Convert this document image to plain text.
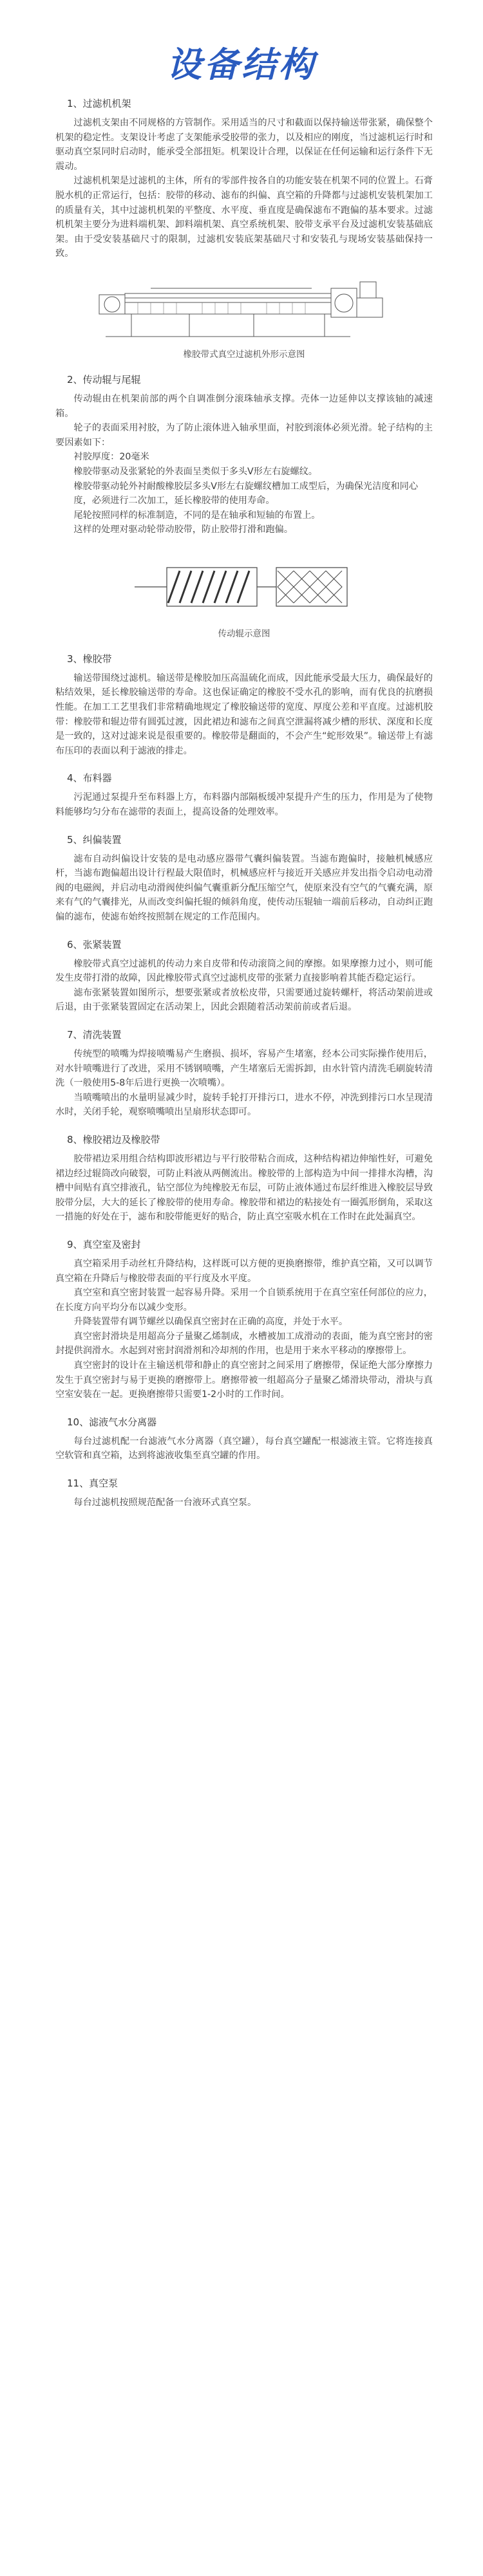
设备结构
1、过滤机机架

过滤机支架由不同规格的方管制作。采用适当的尺寸和截面以保持输送带张紧，确保整个机架的稳定性。支架设计考虑了支架能承受胶带的张力，以及相应的刚度，当过滤机运行时和驱动真空泵同时启动时，能承受全部扭矩。机架设计合理，以保证在任何运输和运行条件下无震动。

过滤机机架是过滤机的主体，所有的零部件按各自的功能安装在机架不同的位置上。石膏脱水机的正常运行，包括：胶带的移动、滤布的纠偏、真空箱的升降都与过滤机安装机架加工的质量有关，其中过滤机机架的平整度、水平度、垂直度是确保滤布不跑偏的基本要求。过滤机机架主要分为进料端机架、卸料端机架、真空系统机架、胶带支承平台及过滤机安装基础底架。由于受安装基础尺寸的限制，过滤机安装底架基础尺寸和安装孔与现场安装基础保持一致。

橡胶带式真空过滤机外形示意图
2、传动辊与尾辊

传动辊由在机架前部的两个自调准倒分滚珠轴承支撑。壳体一边延伸以支撑该轴的减速箱。

轮子的表面采用衬胶，为了防止滚体进入轴承里面，衬胶到滚体必须光滑。轮子结构的主要因素如下：

衬胶厚度：20毫米

橡胶带驱动及张紧轮的外表面呈类似于多头V形左右旋螺纹。

橡胶带驱动轮外衬耐酸橡胶层多头V形左右旋螺纹槽加工成型后，为确保光洁度和同心度，必须进行二次加工，延长橡胶带的使用寿命。

尾轮按照同样的标准制造，不同的是在轴承和短轴的布置上。

这样的处理对驱动轮带动胶带，防止胶带打滑和跑偏。

传动辊示意图
3、橡胶带

输送带围绕过滤机。输送带是橡胶加压高温硫化而成，因此能承受最大压力，确保最好的粘结效果，延长橡胶输送带的寿命。这也保证确定的橡胶不受水孔的影响，而有优良的抗磨损性能。在加工工艺里我们非常精确地规定了橡胶输送带的宽度、厚度公差和平直度。过滤机胶带：橡胶带和辊边带有圆弧过渡，因此裙边和滤布之间真空泄漏将减少槽的形状、深度和长度是一致的，这对过滤来说是很重要的。橡胶带是翻面的，不会产生“蛇形效果”。输送带上有滤布压印的表面以利于滤液的排走。

4、布料器

污泥通过泵提升至布料器上方，布料器内部隔板缓冲泵提升产生的压力，作用是为了使物料能够均匀分布在滤带的表面上，提高设备的处理效率。

5、纠偏装置

滤布自动纠偏设计安装的是电动感应器带气囊纠偏装置。当滤布跑偏时，接触机械感应杆，当滤布跑偏超出设计行程最大限值时，机械感应杆与接近开关感应并发出指令启动电动滑阀的电磁阀，并启动电动滑阀使纠偏气囊重新分配压缩空气，使原来没有空气的气囊充满，原来有气的气囊排光，从而改变纠偏托辊的倾斜角度，使传动压辊轴一端前后移动，自动纠正跑偏的滤布，使滤布始终按照制在规定的工作范围内。

6、张紧装置

橡胶带式真空过滤机的传动力来自皮带和传动滚筒之间的摩擦。如果摩擦力过小，则可能发生皮带打滑的故障，因此橡胶带式真空过滤机皮带的张紧力直接影响着其能否稳定运行。

滤布张紧装置如图所示，想要张紧或者放松皮带，只需要通过旋转螺杆，将活动架前进或后退，由于张紧装置固定在活动架上，因此会跟随着活动架前前或者后退。

7、清洗装置

传统型的喷嘴为焊接喷嘴易产生磨损、损坏，容易产生堵塞，经本公司实际操作使用后，对水针喷嘴进行了改进，采用不锈钢喷嘴，产生堵塞后无需拆卸，由水针管内清洗毛刷旋转清洗（一般使用5-8年后进行更换一次喷嘴）。

当喷嘴喷出的水量明显减少时，旋转手轮打开排污口，进水不停，冲洗到排污口水呈现清水时，关闭手轮，观察喷嘴喷出呈扇形状态即可。

8、橡胶裙边及橡胶带

胶带裙边采用组合结构即波形裙边与平行胶带粘合而成，这种结构裙边伸缩性好，可避免裙边经过辊筒改向破裂，可防止料液从两侧流出。橡胶带的上部构造为中间一排排水沟槽，沟槽中间贴有真空排液孔，钻空部位为纯橡胶无布层，可防止液体通过布层纤维进入橡胶层导致胶带分层，大大的延长了橡胶带的使用寿命。橡胶带和裙边的粘接处有一圈弧形倒角，采取这一措施的好处在于，滤布和胶带能更好的贴合，防止真空室吸水机在工作时在此处漏真空。

9、真空室及密封

真空箱采用手动丝杠升降结构，这样既可以方便的更换磨擦带，维护真空箱，又可以调节真空箱在升降后与橡胶带表面的平行度及水平度。

真空室和真空密封装置一起容易升降。采用一个自锁系统用于在真空室任何部位的应力，在长度方向平均分布以减少变形。

升降装置带有调节螺丝以确保真空密封在正确的高度，并处于水平。

真空密封滑块是用超高分子量聚乙烯制成，水槽被加工成滑动的表面，能为真空密封的密封提供润滑水。水起到对密封润滑剂和冷却剂的作用，也是用于来水平移动的摩擦带上。

真空密封的设计在主输送机带和静止的真空密封之间采用了磨擦带，保证绝大部分摩擦力发生于真空密封与易于更换的磨擦带上。磨擦带被一组超高分子量聚乙烯滑块带动，滑块与真空室安装在一起。更换磨擦带只需要1-2小时的工作时间。

10、滤液气水分离器

每台过滤机配一台滤液气水分离器（真空罐），每台真空罐配一根滤液主管。它将连接真空软管和真空箱，达到将滤液收集至真空罐的作用。

11、真空泵

每台过滤机按照规范配备一台液环式真空泵。
